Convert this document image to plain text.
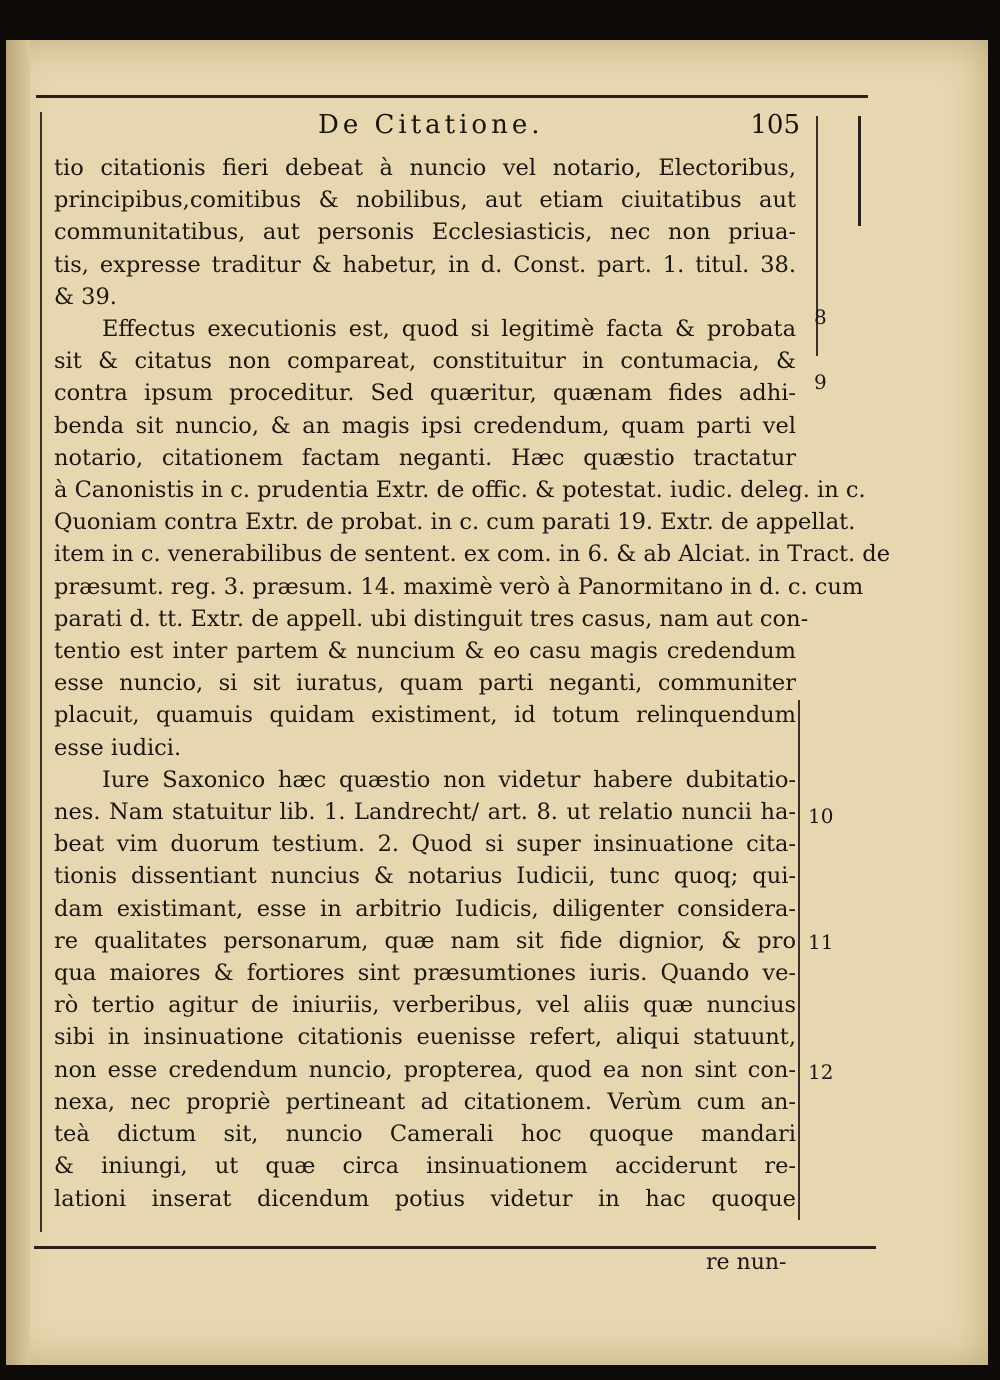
De Citatione.	105
tio citationis fieri debeat à nuncio vel notario, Electoribus,
principibus,comitibus & nobilibus, aut etiam ciuitatibus aut
communitatibus, aut personis Ecclesiasticis, nec non priua-
tis, expresse traditur & habetur, in d. Const. part. 1. titul. 38.
& 39.
Effectus executionis est, quod si legitimè facta & probata
sit & citatus non compareat, constituitur in contumacia, &
contra ipsum proceditur. Sed quæritur, quænam fides adhi-
benda sit nuncio, & an magis ipsi credendum, quam parti vel
notario, citationem factam neganti. Hæc quæstio tractatur
à Canonistis in c. prudentia Extr. de offic. & potestat. iudic. deleg. in c.
Quoniam contra Extr. de probat. in c. cum parati 19. Extr. de appellat.
item in c. venerabilibus de sentent. ex com. in 6. & ab Alciat. in Tract. de
præsumt. reg. 3. præsum. 14. maximè verò à Panormitano in d. c. cum
parati d. tt. Extr. de appell. ubi distinguit tres casus, nam aut con-
tentio est inter partem & nuncium & eo casu magis credendum
esse nuncio, si sit iuratus, quam parti neganti, communiter
placuit, quamuis quidam existiment, id totum relinquendum
esse iudici.
Iure Saxonico hæc quæstio non videtur habere dubitatio-
nes. Nam statuitur lib. 1. Landrecht/ art. 8. ut relatio nuncii ha-
beat vim duorum testium. 2. Quod si super insinuatione cita-
tionis dissentiant nuncius & notarius Iudicii, tunc quoq; qui-
dam existimant, esse in arbitrio Iudicis, diligenter considera-
re qualitates personarum, quæ nam sit fide dignior, & pro
qua maiores & fortiores sint præsumtiones iuris. Quando ve-
rò tertio agitur de iniuriis, verberibus, vel aliis quæ nuncius
sibi in insinuatione citationis euenisse refert, aliqui statuunt,
non esse credendum nuncio, propterea, quod ea non sint con-
nexa, nec propriè pertineant ad citationem. Verùm cum an-
teà dictum sit, nuncio Camerali hoc quoque mandari
& iniungi, ut quæ circa insinuationem acciderunt re-
lationi inserat dicendum potius videtur in hac quoque
8
9
10
11
12
re nun-
